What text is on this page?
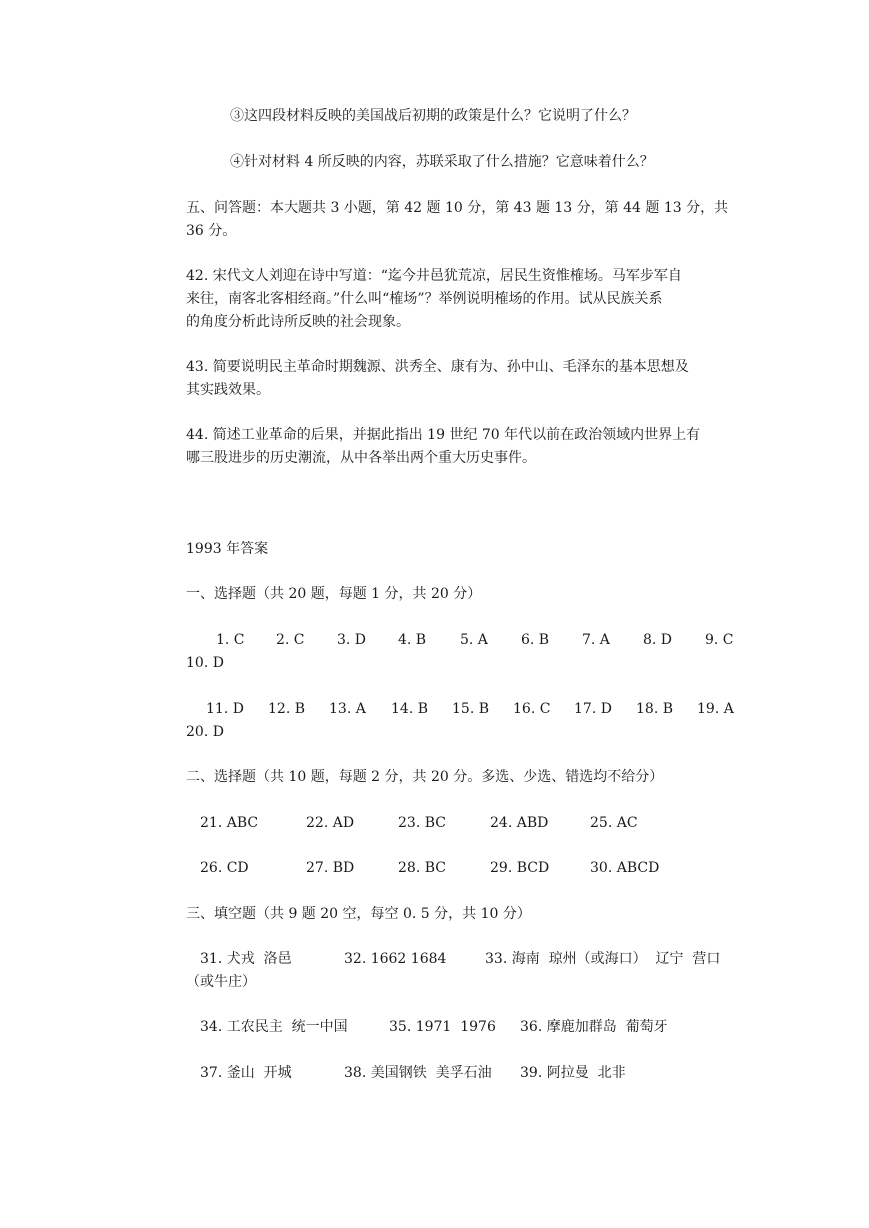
③这四段材料反映的美国战后初期的政策是什么？它说明了什么？
④针对材料 4 所反映的内容，苏联采取了什么措施？它意味着什么？
五、问答题：本大题共 3 小题，第 42 题 10 分，第 43 题 13 分，第 44 题 13 分，共
36 分。
42. 宋代文人刘迎在诗中写道：“迄今井邑犹荒凉，居民生资惟榷场。马军步军自
来往，南客北客相经商。”什么叫“榷场”？举例说明榷场的作用。试从民族关系
的角度分析此诗所反映的社会现象。
43. 简要说明民主革命时期魏源、洪秀全、康有为、孙中山、毛泽东的基本思想及
其实践效果。
44. 简述工业革命的后果，并据此指出 19 世纪 70 年代以前在政治领域内世界上有
哪三股进步的历史潮流，从中各举出两个重大历史事件。
1993 年答案
一、选择题（共 20 题，每题 1 分，共 20 分）
1. C 2. C 3. D 4. B 5. A 6. B 7. A 8. D 9. C
10. D
11. D 12. B 13. A 14. B 15. B 16. C 17. D 18. B 19. A
20. D
二、选择题（共 10 题，每题 2 分，共 20 分。多选、少选、错选均不给分）
21. ABC	22. AD	23. BC	24. ABD	25. AC
26. CD	27. BD	28. BC	29. BCD	30. ABCD
三、填空题（共 9 题 20 空，每空 0. 5 分，共 10 分）
31. 犬戎  洛邑	32. 1662 1684	33. 海南  琼州（或海口）  辽宁  营口
（或牛庄）
34. 工农民主  统一中国	35. 1971  1976 36. 摩鹿加群岛  葡萄牙
37. 釜山  开城	38. 美国钢铁  美孚石油 39. 阿拉曼  北非
